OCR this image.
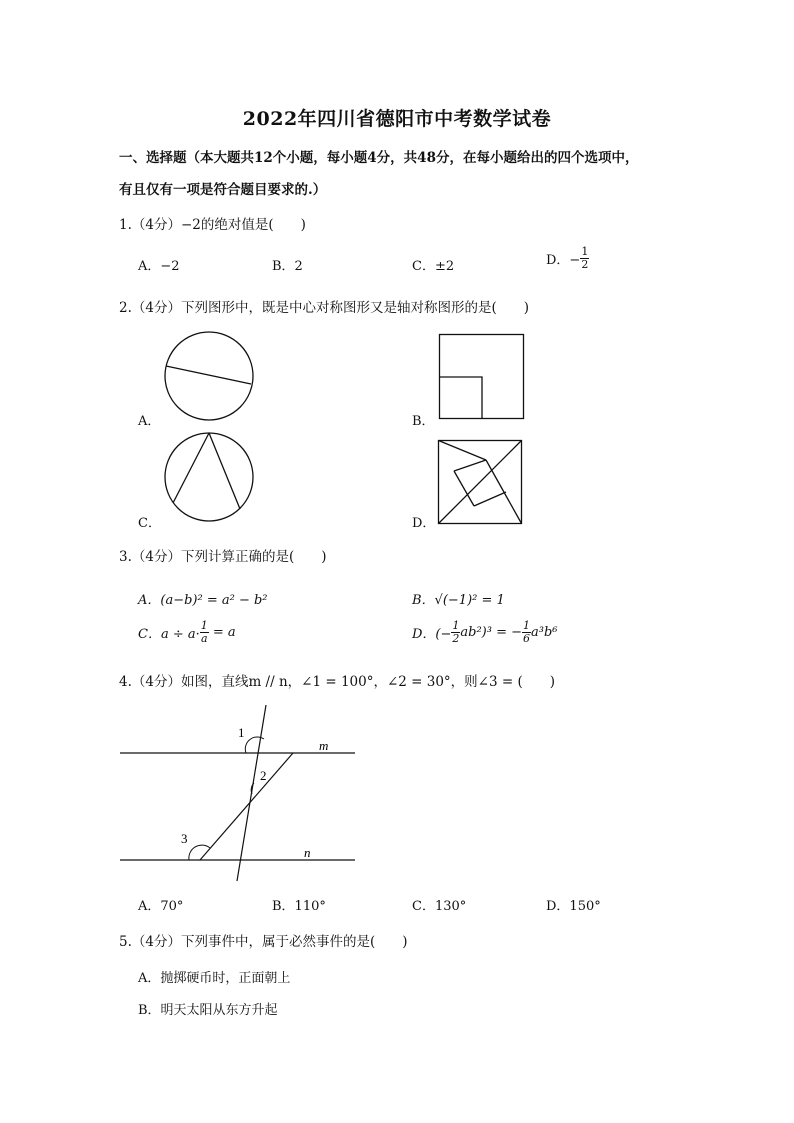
2022年四川省德阳市中考数学试卷
一、选择题（本大题共12个小题，每小题4分，共48分，在每小题给出的四个选项中，
有且仅有一项是符合题目要求的.）
1.（4分）−2的绝对值是(　　)
A．−2	B．2	C．±2	D．− $\frac{1}{2}$
2.（4分）下列图形中，既是中心对称图形又是轴对称图形的是(　　)
A．	B．
C．	D．
3.（4分）下列计算正确的是(　　)
A．(a−b)² = a² − b²	B．√(−1)² = 1
C．$a \div a\cdot \frac{1}{a} = a$	D．(− $\frac{1}{2} ab^2)^3$ = − $\frac{1}{6} a^3b^6$
4.（4分）如图，直线m // n，∠1 = 100°，∠2 = 30°，则∠3 = (　　)
1
2
3
m
n
A．70°	B．110°	C．130°	D．150°
5.（4分）下列事件中，属于必然事件的是(　　)
A．抛掷硬币时，正面朝上
B．明天太阳从东方升起
